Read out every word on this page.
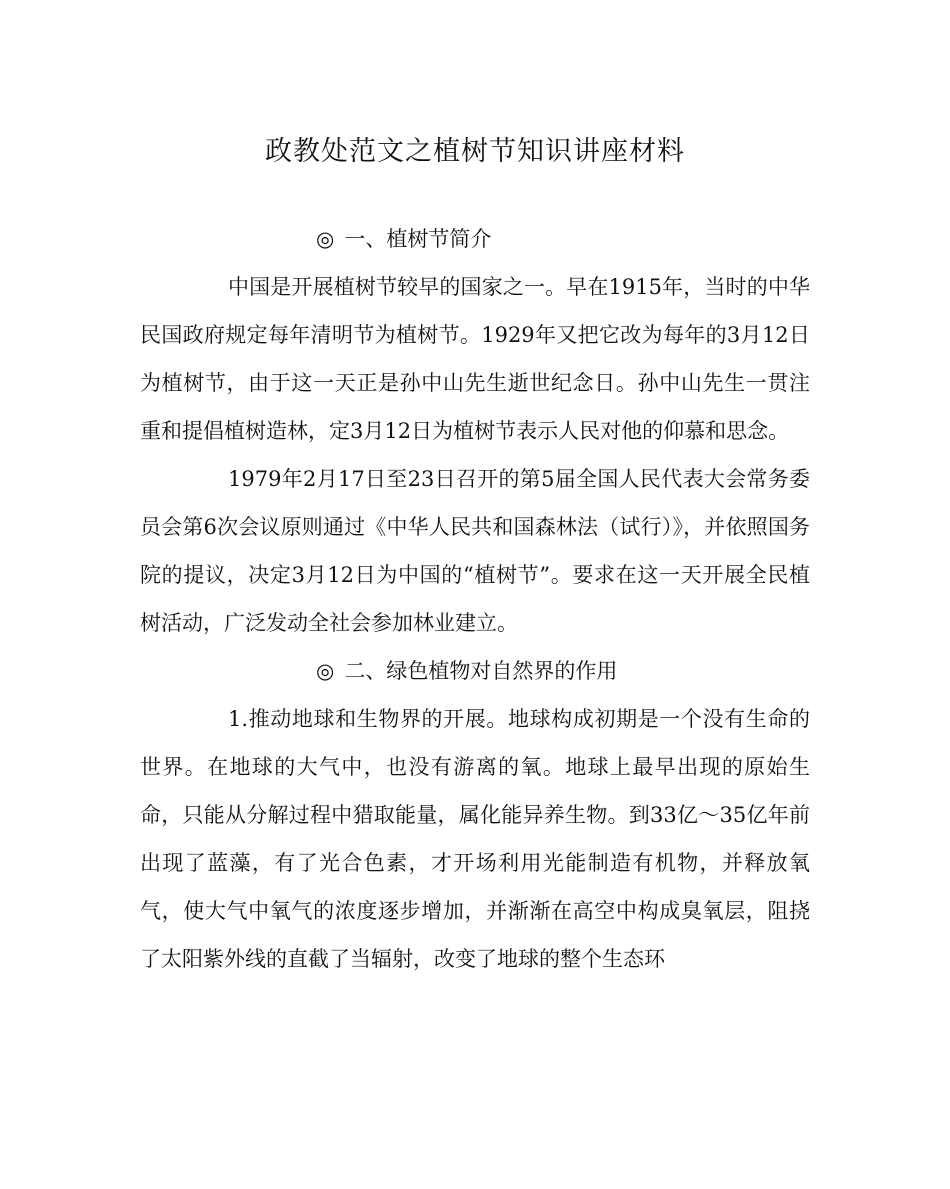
政教处范文之植树节知识讲座材料
◎ 一、植树节简介

中国是开展植树节较早的国家之一。早在1915年，当时的中华民国政府规定每年清明节为植树节。1929年又把它改为每年的3月12日为植树节，由于这一天正是孙中山先生逝世纪念日。孙中山先生一贯注重和提倡植树造林，定3月12日为植树节表示人民对他的仰慕和思念。

1979年2月17日至23日召开的第5届全国人民代表大会常务委员会第6次会议原则通过《中华人民共和国森林法（试行）》，并依照国务院的提议，决定3月12日为中国的“植树节”。要求在这一天开展全民植树活动，广泛发动全社会参加林业建立。

◎ 二、绿色植物对自然界的作用

1.推动地球和生物界的开展。地球构成初期是一个没有生命的世界。在地球的大气中，也没有游离的氧。地球上最早出现的原始生命，只能从分解过程中猎取能量，属化能异养生物。到33亿～35亿年前出现了蓝藻，有了光合色素，才开场利用光能制造有机物，并释放氧气，使大气中氧气的浓度逐步增加，并渐渐在高空中构成臭氧层，阻挠了太阳紫外线的直截了当辐射，改变了地球的整个生态环
